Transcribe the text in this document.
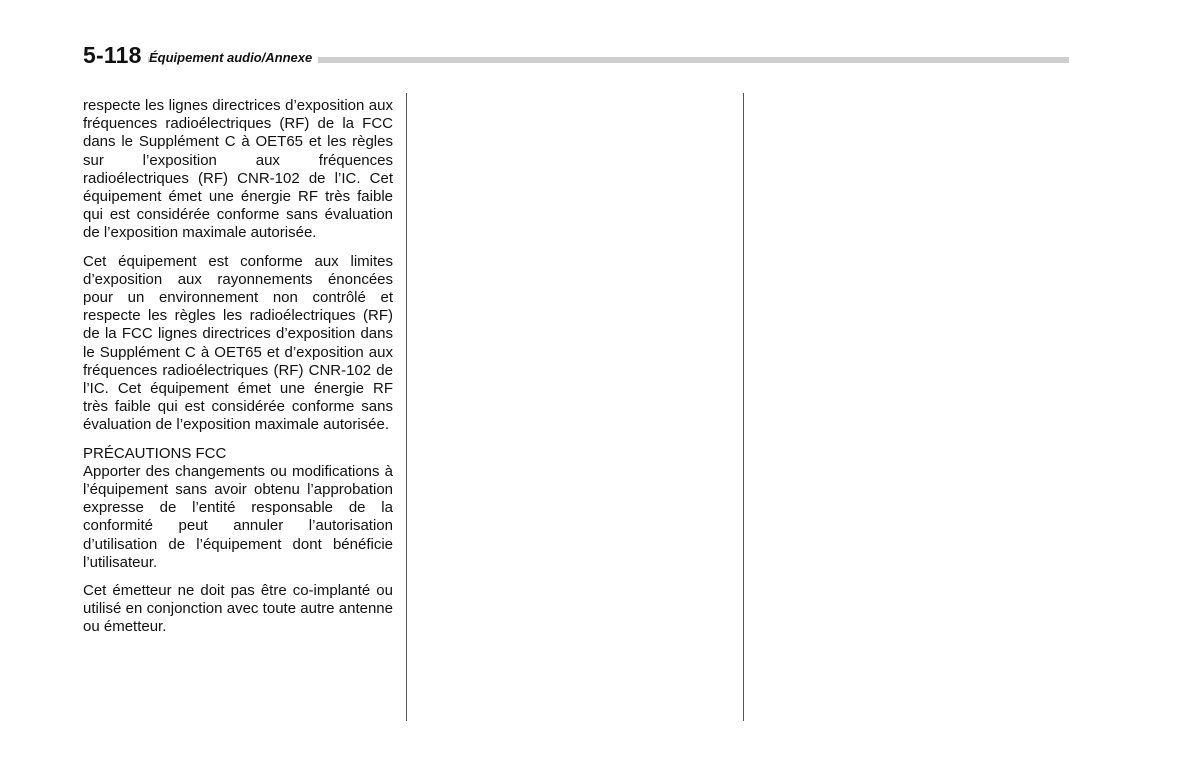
5-118 Équipement audio/Annexe

respecte les lignes directrices d’exposition aux fréquences radioélectriques (RF) de la FCC dans le Supplément C à OET65 et les règles sur l’exposition aux fréquences radioélectriques (RF) CNR-102 de l’IC. Cet équipement émet une énergie RF très faible qui est considérée conforme sans évaluation de l’exposition maximale autorisée.

Cet équipement est conforme aux limites d’exposition aux rayonnements énoncées pour un environnement non contrôlé et respecte les règles les radioélectriques (RF) de la FCC lignes directrices d’exposition dans le Supplément C à OET65 et d’exposition aux fréquences radioélectriques (RF) CNR-102 de l’IC. Cet équipement émet une énergie RF très faible qui est considérée conforme sans évaluation de l’exposition maximale autorisée.

PRÉCAUTIONS FCC

Apporter des changements ou modifications à l’équipement sans avoir obtenu l’approbation expresse de l’entité responsable de la conformité peut annuler l’autorisation d’utilisation de l’équipement dont bénéficie l’utilisateur.

Cet émetteur ne doit pas être co-implanté ou utilisé en conjonction avec toute autre antenne ou émetteur.
